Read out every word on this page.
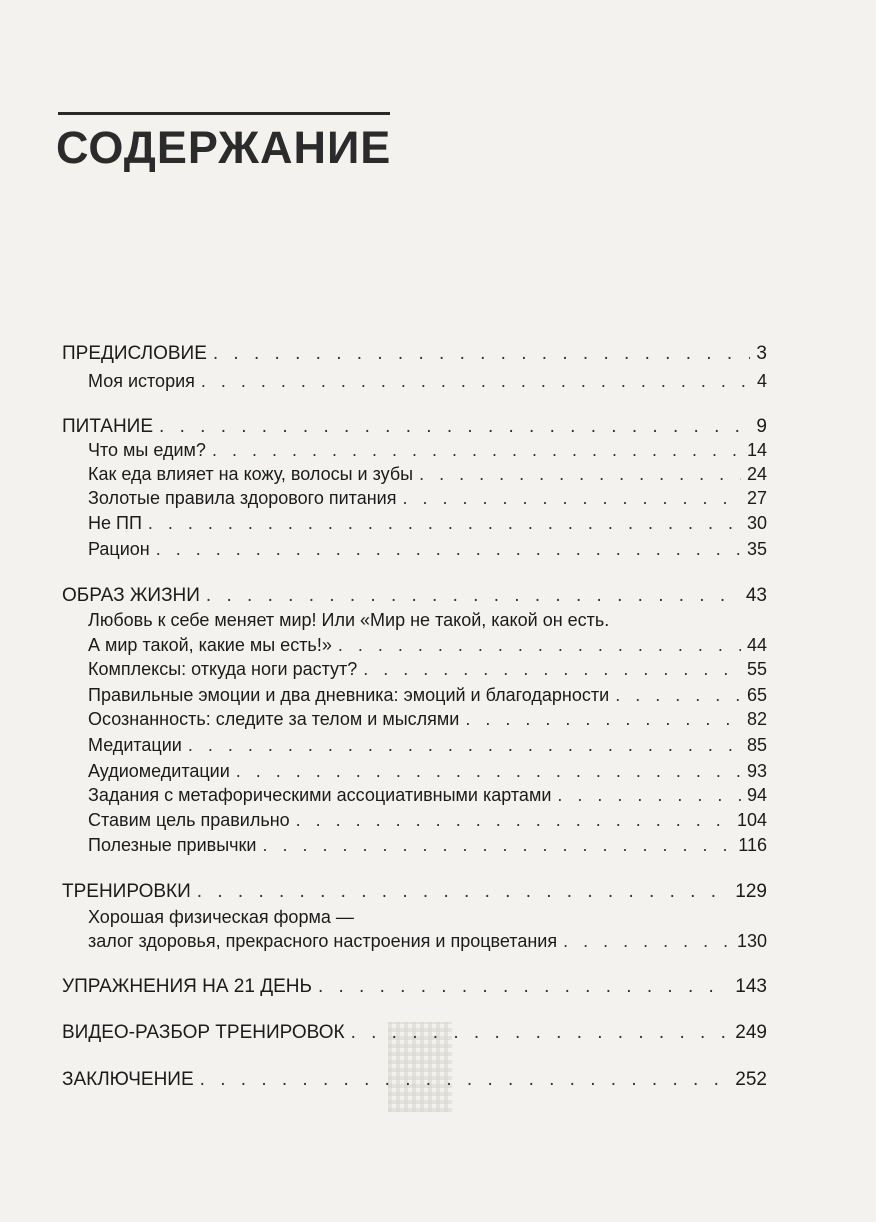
СОДЕРЖАНИЕ
ПРЕДИСЛОВИЕ . . .	3
Моя история . . .	4
ПИТАНИЕ . . .	9
Что мы едим? . . .	14
Как еда влияет на кожу, волосы и зубы . . .	24
Золотые правила здорового питания . . .	27
Не ПП . . .	30
Рацион . . .	35
ОБРАЗ ЖИЗНИ . . .	43
Любовь к себе меняет мир! Или «Мир не такой, какой он есть.
А мир такой, какие мы есть!» . . .	44
Комплексы: откуда ноги растут? . . .	55
Правильные эмоции и два дневника: эмоций и благодарности . . .	65
Осознанность: следите за телом и мыслями . . .	82
Медитации . . .	85
Аудиомедитации . . .	93
Задания с метафорическими ассоциативными картами . . .	94
Ставим цель правильно . . .	104
Полезные привычки . . .	116
ТРЕНИРОВКИ . . .	129
Хорошая физическая форма —
залог здоровья, прекрасного настроения и процветания . . .	130
УПРАЖНЕНИЯ НА 21 ДЕНЬ . . .	143
ВИДЕО-РАЗБОР ТРЕНИРОВОК . . .	249
ЗАКЛЮЧЕНИЕ . . .	252
